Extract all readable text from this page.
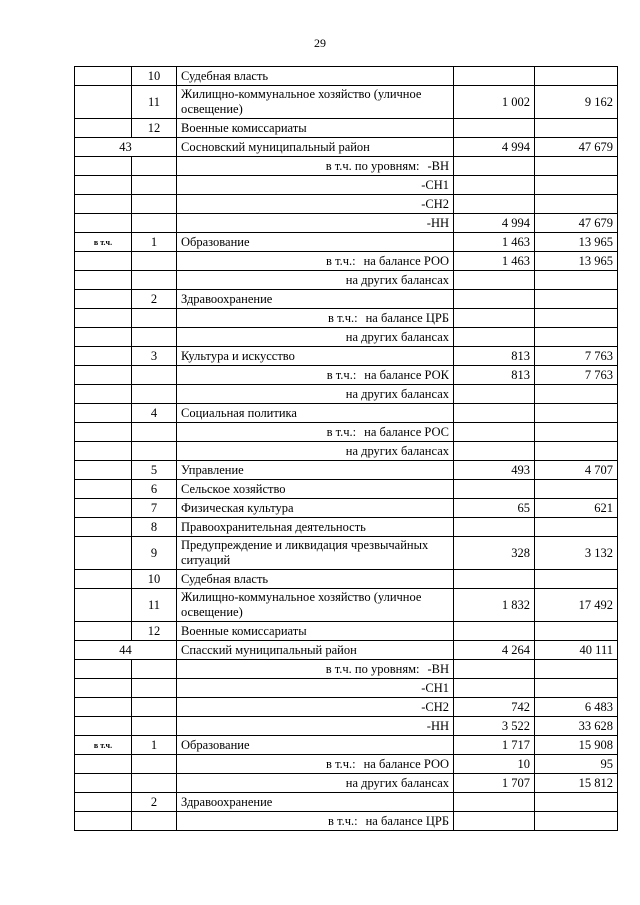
29
	10	Судебная власть		
	11	Жилищно-коммунальное хозяйство (уличное освещение)	1 002	9 162
	12	Военные комиссариаты		
43		Сосновский муниципальный район	4 994	47 679

		в т.ч. по уровням: -ВН		

		-СН1		

		-СН2		

		-НН	4 994	47 679
в т.ч.	1	Образование	1 463	13 965

		в т.ч.: на балансе РОО	1 463	13 965

		на других балансах		

	2	Здравоохранение		

		в т.ч.: на балансе ЦРБ		

		на других балансах		

	3	Культура и искусство	813	7 763

		в т.ч.: на балансе РОК	813	7 763

		на других балансах		

	4	Социальная политика		

		в т.ч.: на балансе РОС		

		на других балансах		

	5	Управление	493	4 707
	6	Сельское хозяйство		
	7	Физическая культура	65	621
	8	Правоохранительная деятельность		
	9	Предупреждение и ликвидация чрезвычайных ситуаций	328	3 132
	10	Судебная власть		
	11	Жилищно-коммунальное хозяйство (уличное освещение)	1 832	17 492
	12	Военные комиссариаты		
44		Спасский муниципальный район	4 264	40 111

		в т.ч. по уровням: -ВН		

		-СН1		

		-СН2	742	6 483

		-НН	3 522	33 628
в т.ч.	1	Образование	1 717	15 908

		в т.ч.: на балансе РОО	10	95

		на других балансах	1 707	15 812
	2	Здравоохранение		

		в т.ч.: на балансе ЦРБ		
